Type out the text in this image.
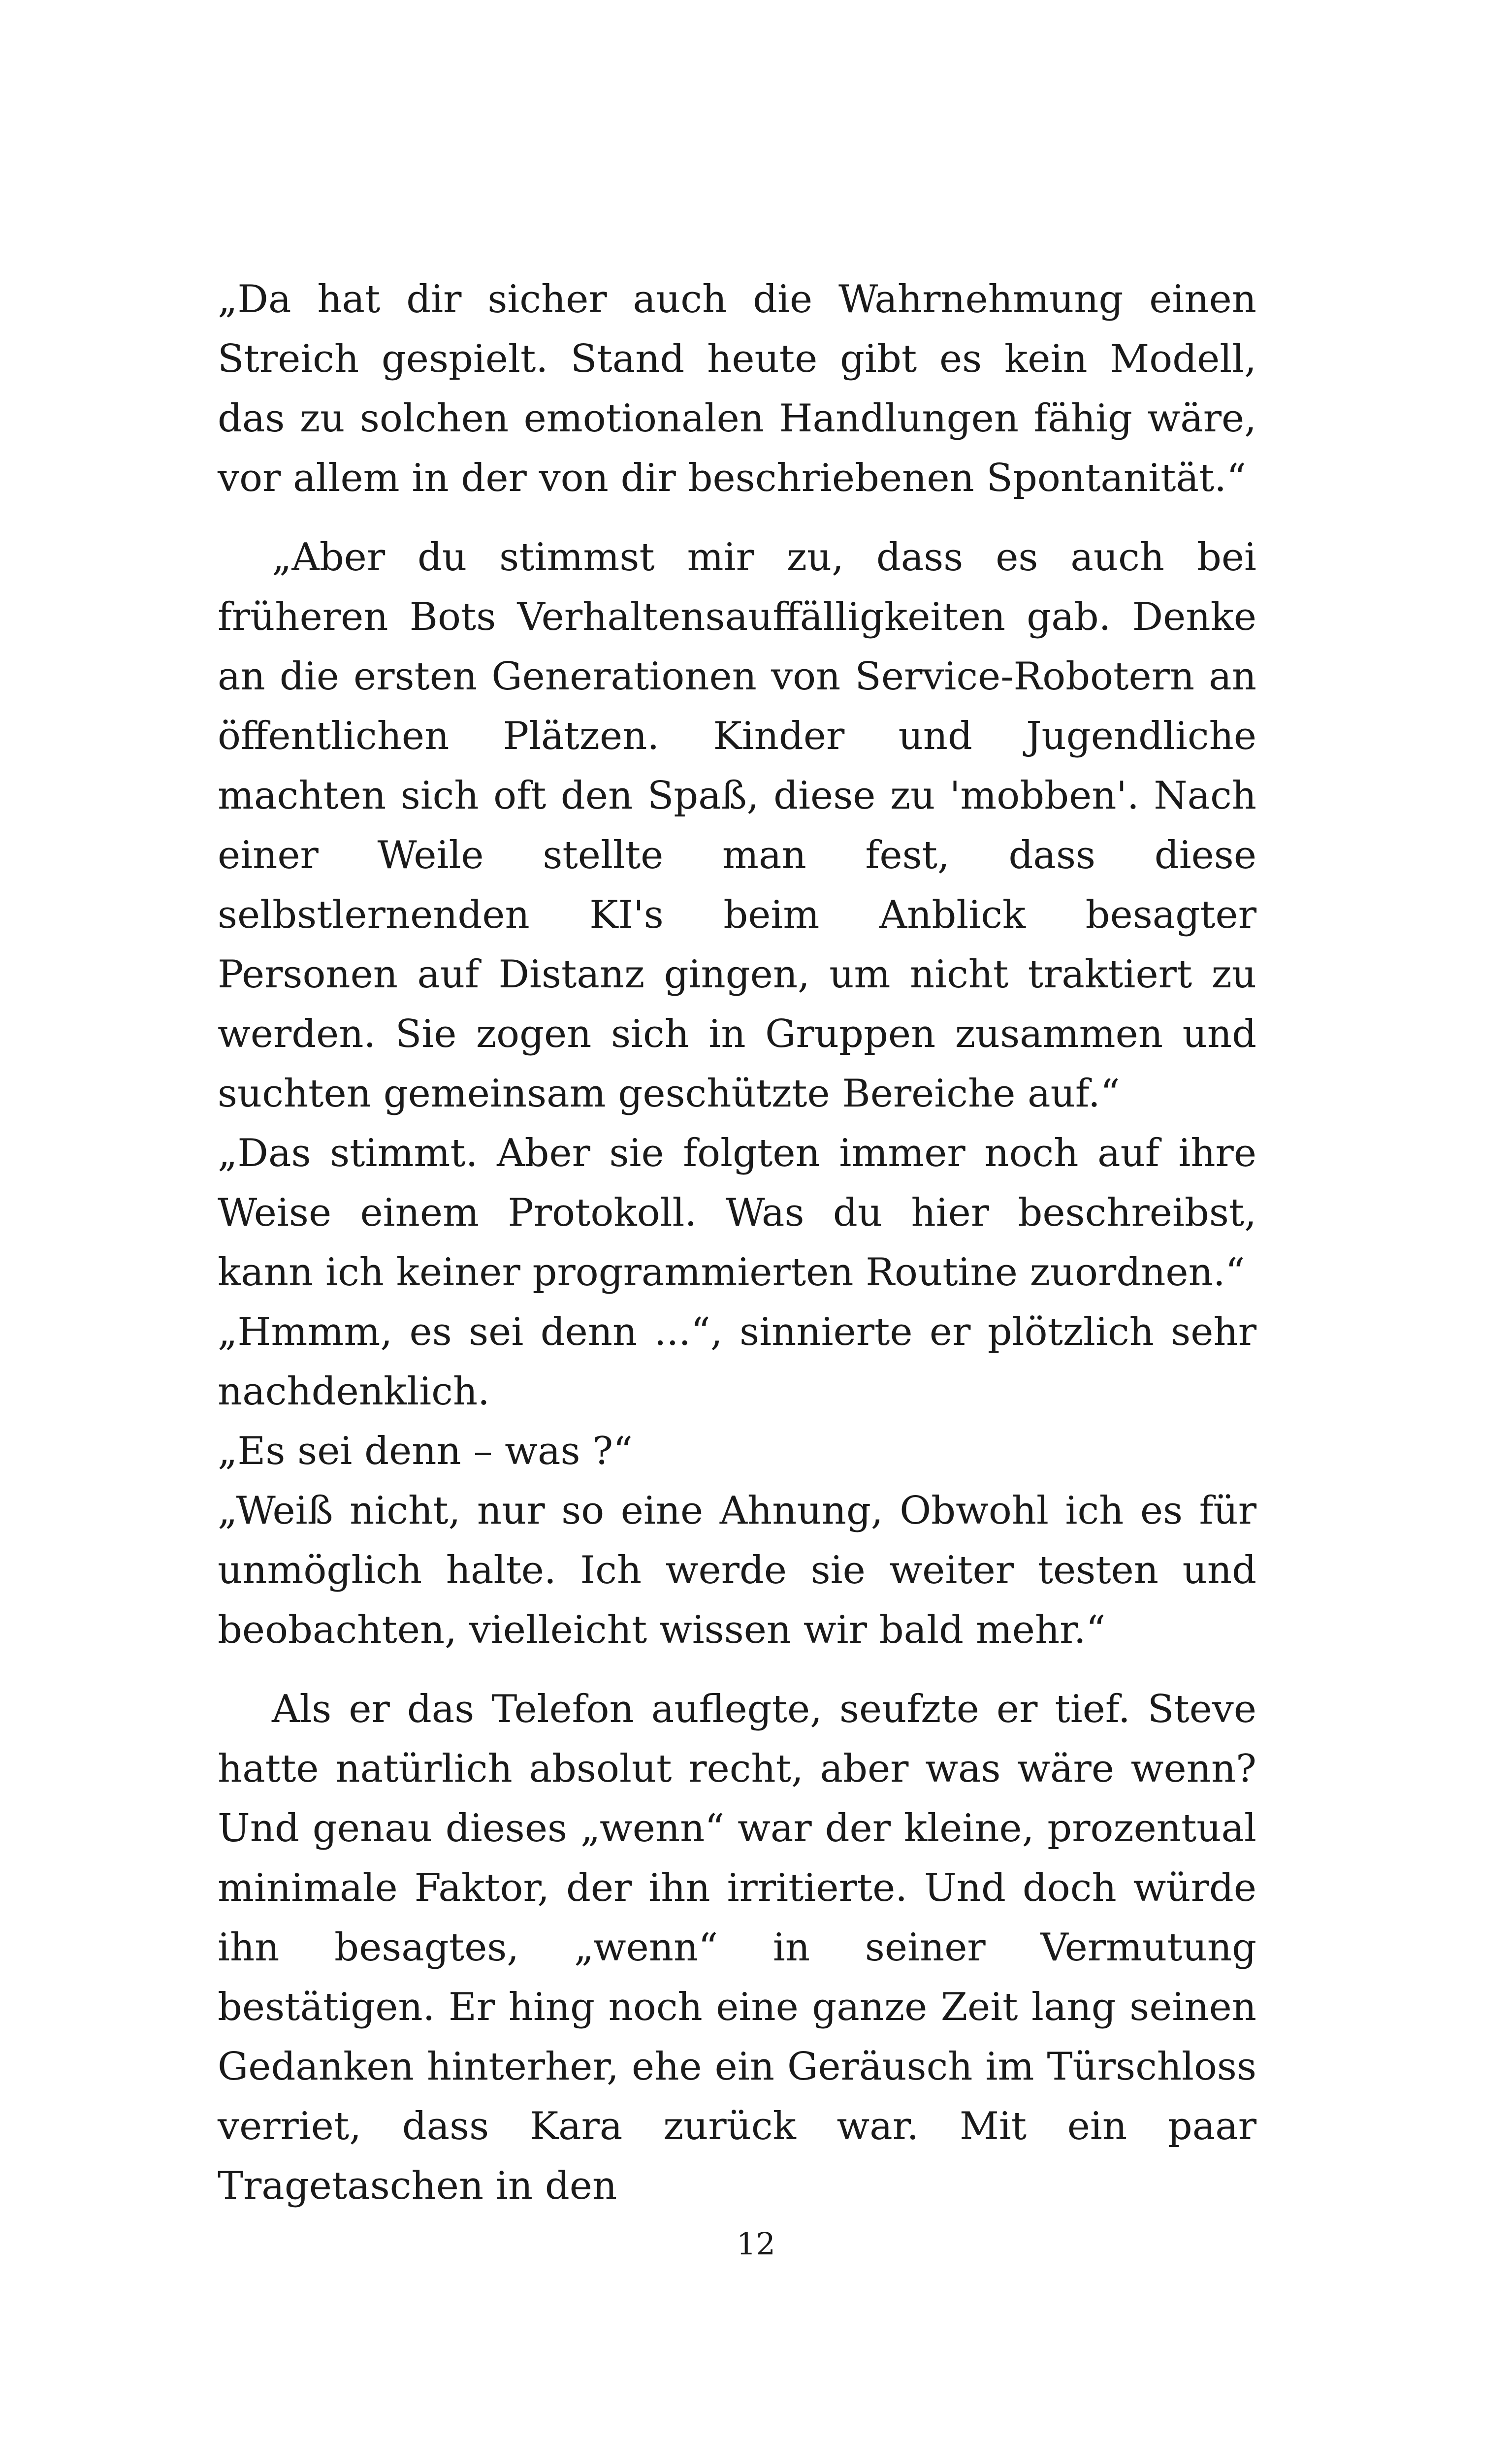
„Da hat dir sicher auch die Wahrnehmung einen Streich gespielt. Stand heute gibt es kein Modell, das zu solchen emotionalen Handlungen fähig wäre, vor allem in der von dir beschriebenen Spontanität.“

„Aber du stimmst mir zu, dass es auch bei früheren Bots Verhaltensauffälligkeiten gab. Denke an die ersten Generationen von Service-Robotern an öffentlichen Plätzen. Kinder und Jugendliche machten sich oft den Spaß, diese zu 'mobben'. Nach einer Weile stellte man fest, dass diese selbstlernenden KI's beim Anblick besagter Personen auf Distanz gingen, um nicht traktiert zu werden. Sie zogen sich in Gruppen zusammen und suchten gemeinsam geschützte Bereiche auf.“

„Das stimmt. Aber sie folgten immer noch auf ihre Weise einem Protokoll. Was du hier beschreibst, kann ich keiner programmierten Routine zuordnen.“

„Hmmm, es sei denn ...“, sinnierte er plötzlich sehr nachdenklich.

„Es sei denn – was ?“

„Weiß nicht, nur so eine Ahnung, Obwohl ich es für unmöglich halte. Ich werde sie weiter testen und beobachten, vielleicht wissen wir bald mehr.“

Als er das Telefon auflegte, seufzte er tief. Steve hatte natürlich absolut recht, aber was wäre wenn? Und genau dieses „wenn“ war der kleine, prozentual minimale Faktor, der ihn irritierte. Und doch würde ihn besagtes, „wenn“ in seiner Vermutung bestätigen. Er hing noch eine ganze Zeit lang seinen Gedanken hinterher, ehe ein Geräusch im Türschloss verriet, dass Kara zurück war. Mit ein paar Tragetaschen in den

12
